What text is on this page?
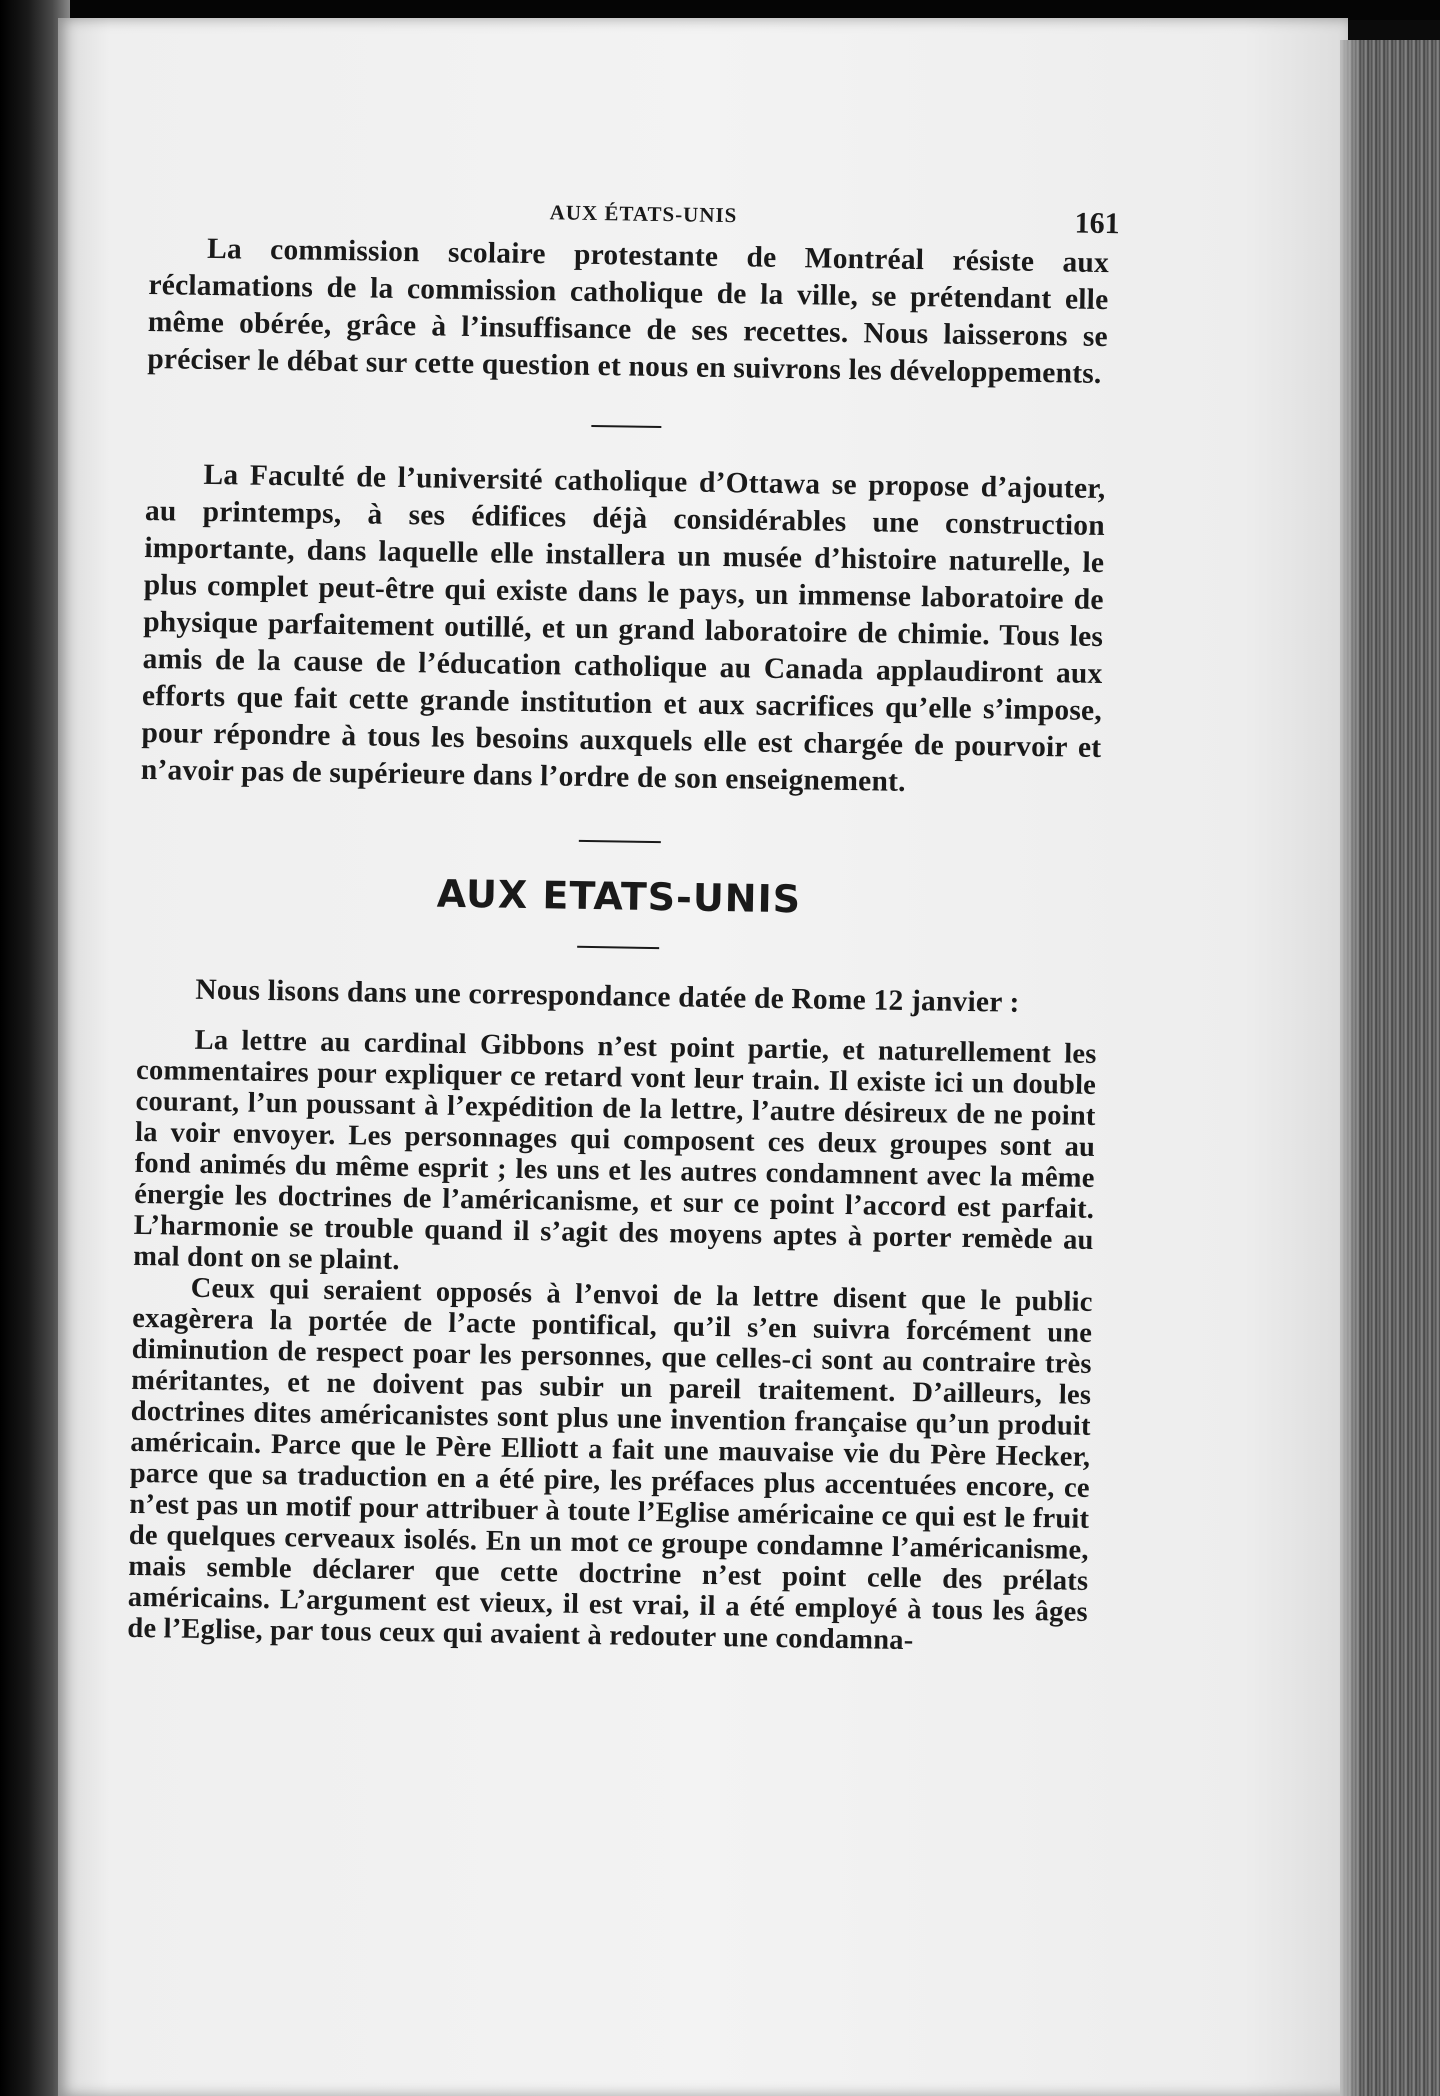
AUX ÉTATS-UNIS	161

La commission scolaire protestante de Montréal résiste aux réclamations de la commission catholique de la ville, se prétendant elle même obérée, grâce à l’insuffisance de ses recettes. Nous laisserons se préciser le débat sur cette question et nous en suivrons les développements.

La Faculté de l’université catholique d’Ottawa se propose d’ajouter, au printemps, à ses édifices déjà considérables une construction importante, dans laquelle elle installera un musée d’histoire naturelle, le plus complet peut-être qui existe dans le pays, un immense laboratoire de physique parfaitement outillé, et un grand laboratoire de chimie. Tous les amis de la cause de l’éducation catholique au Canada applaudiront aux efforts que fait cette grande institution et aux sacrifices qu’elle s’impose, pour répondre à tous les besoins auxquels elle est chargée de pourvoir et n’avoir pas de supérieure dans l’ordre de son enseignement.

AUX ETATS-UNIS

Nous lisons dans une correspondance datée de Rome 12 janvier :

La lettre au cardinal Gibbons n’est point partie, et naturellement les commentaires pour expliquer ce retard vont leur train. Il existe ici un double courant, l’un poussant à l’expédition de la lettre, l’autre désireux de ne point la voir envoyer. Les personnages qui composent ces deux groupes sont au fond animés du même esprit ; les uns et les autres condamnent avec la même énergie les doctrines de l’américanisme, et sur ce point l’accord est parfait. L’harmonie se trouble quand il s’agit des moyens aptes à porter remède au mal dont on se plaint.

Ceux qui seraient opposés à l’envoi de la lettre disent que le public exagèrera la portée de l’acte pontifical, qu’il s’en suivra forcément une diminution de respect poar les personnes, que celles-ci sont au contraire très méritantes, et ne doivent pas subir un pareil traitement. D’ailleurs, les doctrines dites américanistes sont plus une invention française qu’un produit américain. Parce que le Père Elliott a fait une mauvaise vie du Père Hecker, parce que sa traduction en a été pire, les préfaces plus accentuées encore, ce n’est pas un motif pour attribuer à toute l’Eglise américaine ce qui est le fruit de quelques cerveaux isolés. En un mot ce groupe condamne l’américanisme, mais semble déclarer que cette doctrine n’est point celle des prélats américains. L’argument est vieux, il est vrai, il a été employé à tous les âges de l’Eglise, par tous ceux qui avaient à redouter une condamna-
